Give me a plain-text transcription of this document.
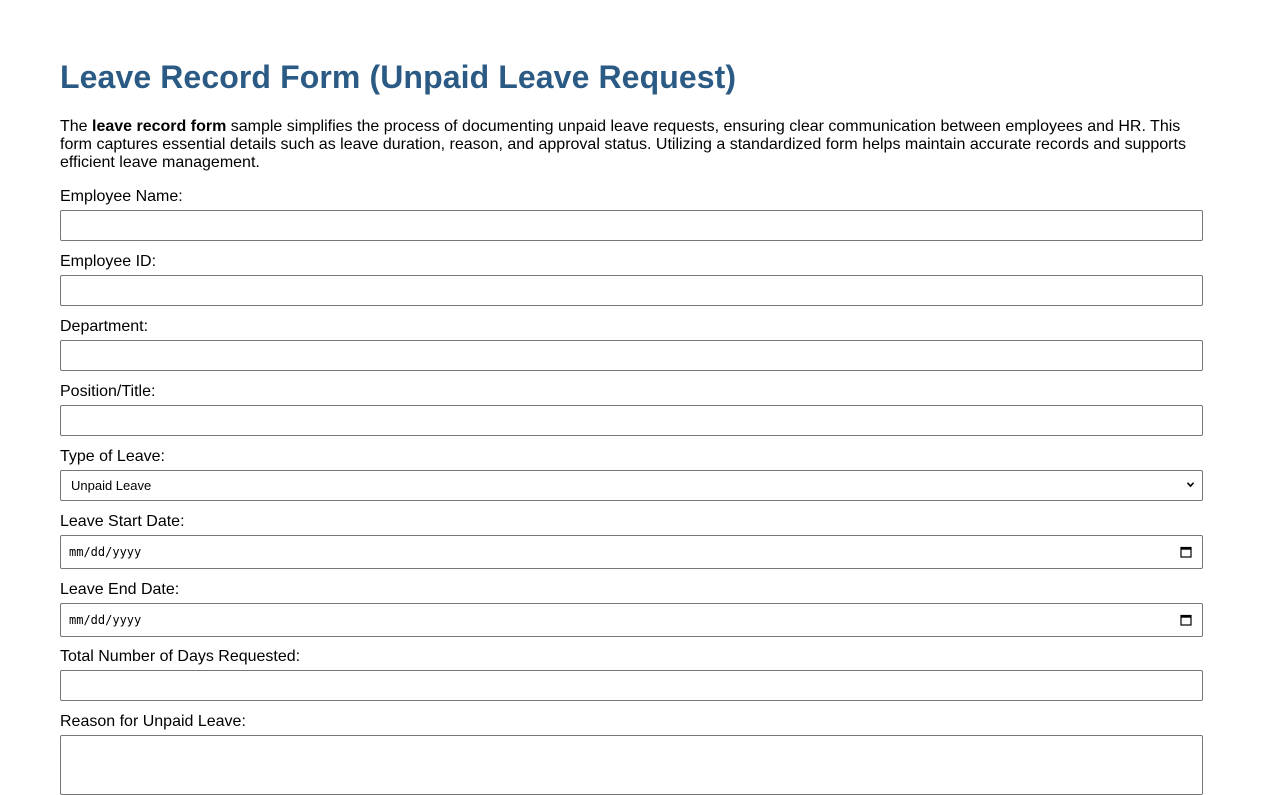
Leave Record Form (Unpaid Leave Request)

The leave record form sample simplifies the process of documenting unpaid leave requests, ensuring clear communication between employees and HR. This form captures essential details such as leave duration, reason, and approval status. Utilizing a standardized form helps maintain accurate records and supports efficient leave management.

Employee Name:
Employee ID:
Department:
Position/Title:
Type of Leave:
Unpaid Leave
Leave Start Date:
mm/dd/yyyy
Leave End Date:
mm/dd/yyyy
Total Number of Days Requested:
Reason for Unpaid Leave:
